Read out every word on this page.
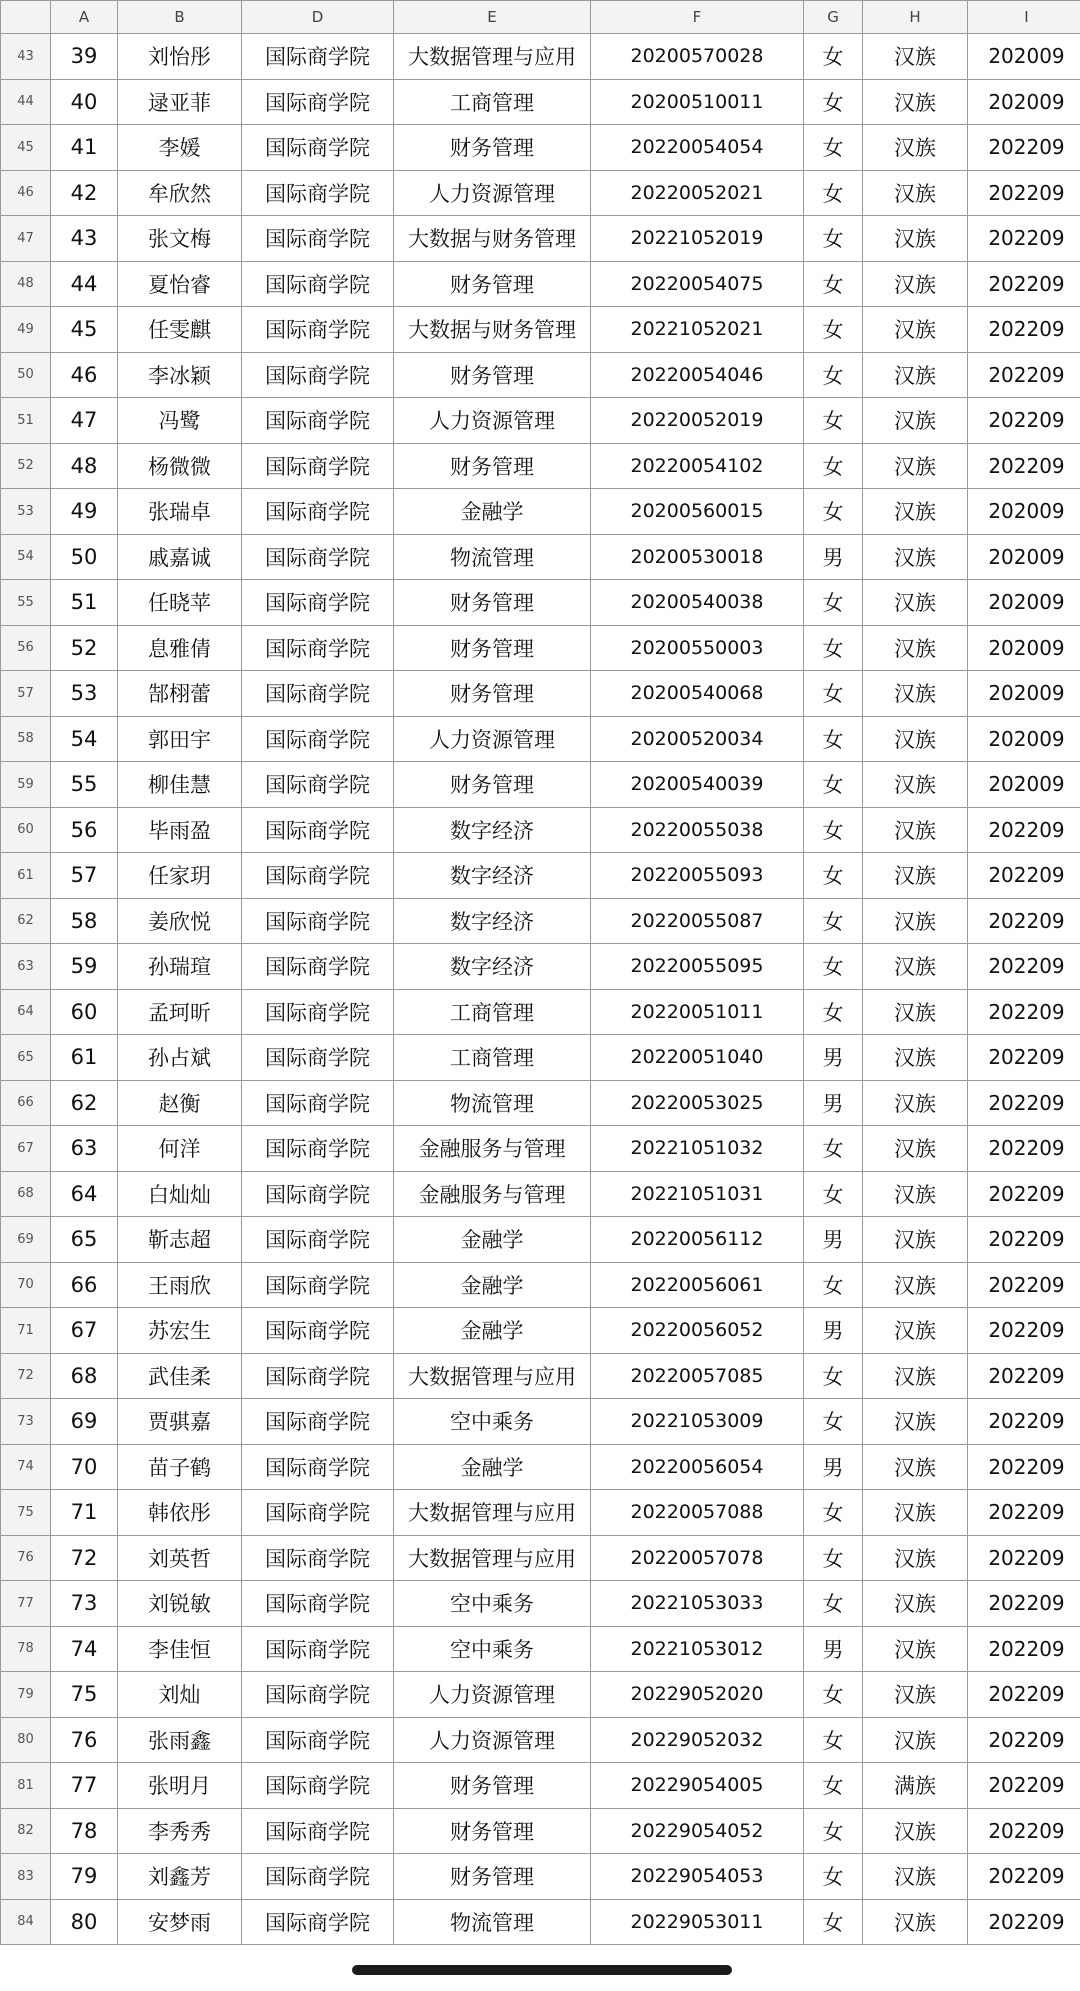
	A	B	D	E	F	G	H	I
43	39	刘怡彤	国际商学院	大数据管理与应用	20200570028	女	汉族	202009
44	40	逯亚菲	国际商学院	工商管理	20200510011	女	汉族	202009
45	41	李媛	国际商学院	财务管理	20220054054	女	汉族	202209
46	42	牟欣然	国际商学院	人力资源管理	20220052021	女	汉族	202209
47	43	张文梅	国际商学院	大数据与财务管理	20221052019	女	汉族	202209
48	44	夏怡睿	国际商学院	财务管理	20220054075	女	汉族	202209
49	45	任雯麒	国际商学院	大数据与财务管理	20221052021	女	汉族	202209
50	46	李冰颖	国际商学院	财务管理	20220054046	女	汉族	202209
51	47	冯鹭	国际商学院	人力资源管理	20220052019	女	汉族	202209
52	48	杨微微	国际商学院	财务管理	20220054102	女	汉族	202209
53	49	张瑞卓	国际商学院	金融学	20200560015	女	汉族	202009
54	50	戚嘉诚	国际商学院	物流管理	20200530018	男	汉族	202009
55	51	任晓苹	国际商学院	财务管理	20200540038	女	汉族	202009
56	52	息雅倩	国际商学院	财务管理	20200550003	女	汉族	202009
57	53	郜栩蕾	国际商学院	财务管理	20200540068	女	汉族	202009
58	54	郭田宇	国际商学院	人力资源管理	20200520034	女	汉族	202009
59	55	柳佳慧	国际商学院	财务管理	20200540039	女	汉族	202009
60	56	毕雨盈	国际商学院	数字经济	20220055038	女	汉族	202209
61	57	任家玥	国际商学院	数字经济	20220055093	女	汉族	202209
62	58	姜欣悦	国际商学院	数字经济	20220055087	女	汉族	202209
63	59	孙瑞瑄	国际商学院	数字经济	20220055095	女	汉族	202209
64	60	孟珂昕	国际商学院	工商管理	20220051011	女	汉族	202209
65	61	孙占斌	国际商学院	工商管理	20220051040	男	汉族	202209
66	62	赵衡	国际商学院	物流管理	20220053025	男	汉族	202209
67	63	何洋	国际商学院	金融服务与管理	20221051032	女	汉族	202209
68	64	白灿灿	国际商学院	金融服务与管理	20221051031	女	汉族	202209
69	65	靳志超	国际商学院	金融学	20220056112	男	汉族	202209
70	66	王雨欣	国际商学院	金融学	20220056061	女	汉族	202209
71	67	苏宏生	国际商学院	金融学	20220056052	男	汉族	202209
72	68	武佳柔	国际商学院	大数据管理与应用	20220057085	女	汉族	202209
73	69	贾骐嘉	国际商学院	空中乘务	20221053009	女	汉族	202209
74	70	苗子鹤	国际商学院	金融学	20220056054	男	汉族	202209
75	71	韩依彤	国际商学院	大数据管理与应用	20220057088	女	汉族	202209
76	72	刘英哲	国际商学院	大数据管理与应用	20220057078	女	汉族	202209
77	73	刘锐敏	国际商学院	空中乘务	20221053033	女	汉族	202209
78	74	李佳恒	国际商学院	空中乘务	20221053012	男	汉族	202209
79	75	刘灿	国际商学院	人力资源管理	20229052020	女	汉族	202209
80	76	张雨鑫	国际商学院	人力资源管理	20229052032	女	汉族	202209
81	77	张明月	国际商学院	财务管理	20229054005	女	满族	202209
82	78	李秀秀	国际商学院	财务管理	20229054052	女	汉族	202209
83	79	刘鑫芳	国际商学院	财务管理	20229054053	女	汉族	202209
84	80	安梦雨	国际商学院	物流管理	20229053011	女	汉族	202209
